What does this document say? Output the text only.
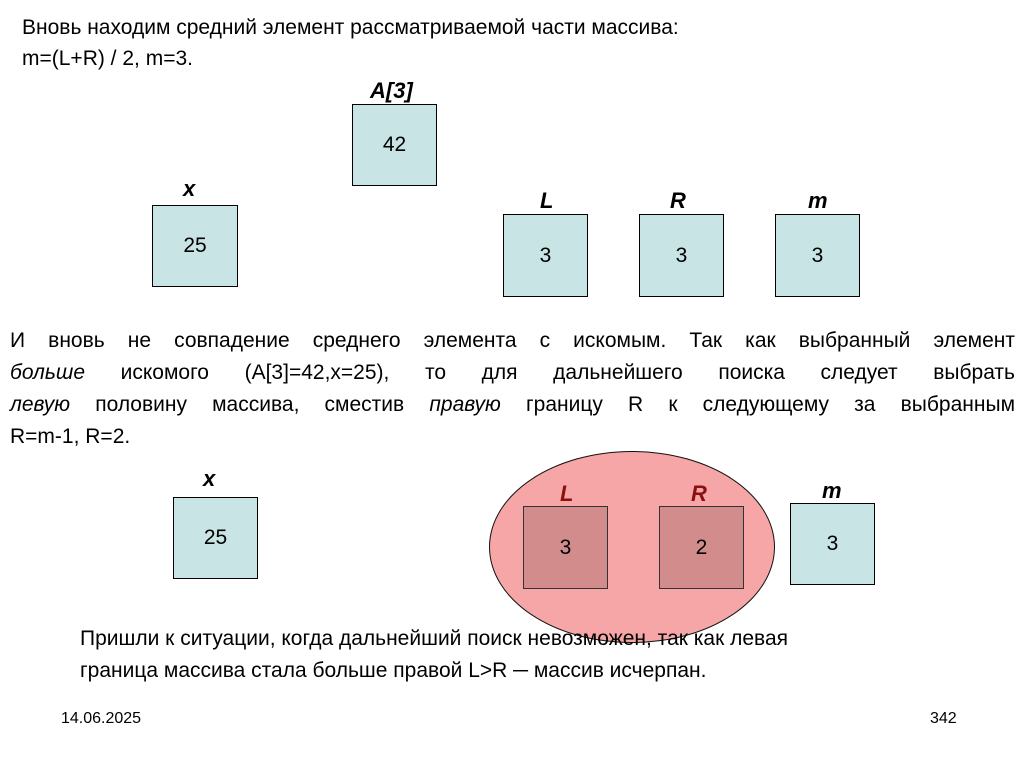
Вновь находим средний элемент рассматриваемой части массива:
m=(L+R) / 2, m=3.
A[3]
42
x
25
L
3
R
3
m
3
И вновь не совпадение среднего элемента с искомым. Так как выбранный элемент
больше искомого (A[3]=42,x=25), то для дальнейшего поиска следует выбрать
левую половину массива, сместив правую границу R к следующему за выбранным
R=m-1, R=2.
x
25
L
3
R
2
m
3
Пришли к ситуации, когда дальнейший поиск невозможен, так как левая
граница массива стала больше правой L>R ─ массив исчерпан.
14.06.2025	342
